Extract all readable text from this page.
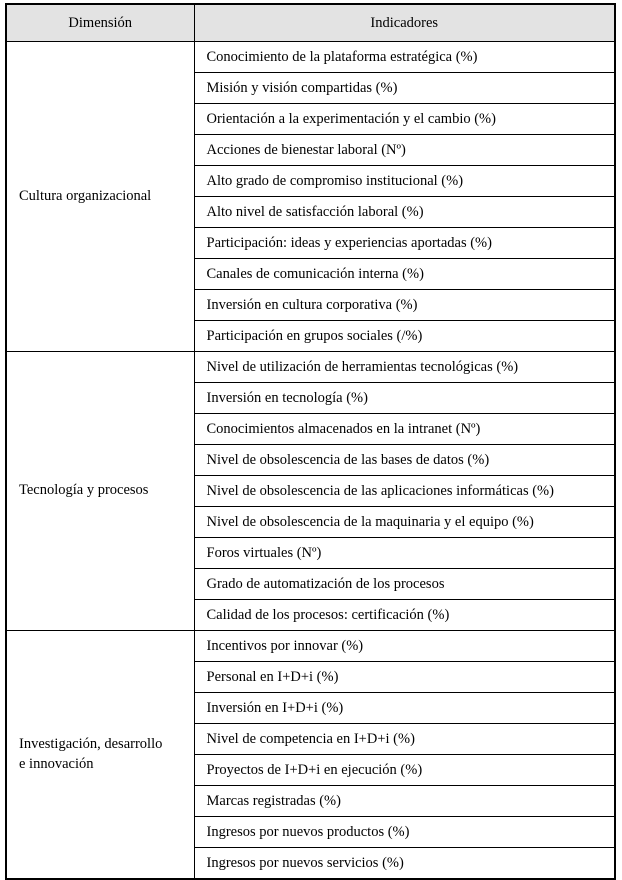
Dimensión	Indicadores

Cultura organizacional	Conocimiento de la plataforma estratégica (%)
	Misión y visión compartidas (%)
	Orientación a la experimentación y el cambio (%)
	Acciones de bienestar laboral (Nº)
	Alto grado de compromiso institucional (%)
	Alto nivel de satisfacción laboral (%)
	Participación: ideas y experiencias aportadas (%)
	Canales de comunicación interna (%)
	Inversión en cultura corporativa (%)
	Participación en grupos sociales (/%)

Tecnología y procesos	Nivel de utilización de herramientas tecnológicas (%)
	Inversión en tecnología (%)
	Conocimientos almacenados en la intranet (Nº)
	Nivel de obsolescencia de las bases de datos (%)
	Nivel de obsolescencia de las aplicaciones informáticas (%)
	Nivel de obsolescencia de la maquinaria y el equipo (%)
	Foros virtuales (Nº)
	Grado de automatización de los procesos
	Calidad de los procesos: certificación (%)

Investigación, desarrollo
e innovación	Incentivos por innovar (%)
	Personal en I+D+i (%)
	Inversión en I+D+i (%)
	Nivel de competencia en I+D+i (%)
	Proyectos de I+D+i en ejecución (%)
	Marcas registradas (%)
	Ingresos por nuevos productos (%)
	Ingresos por nuevos servicios (%)
